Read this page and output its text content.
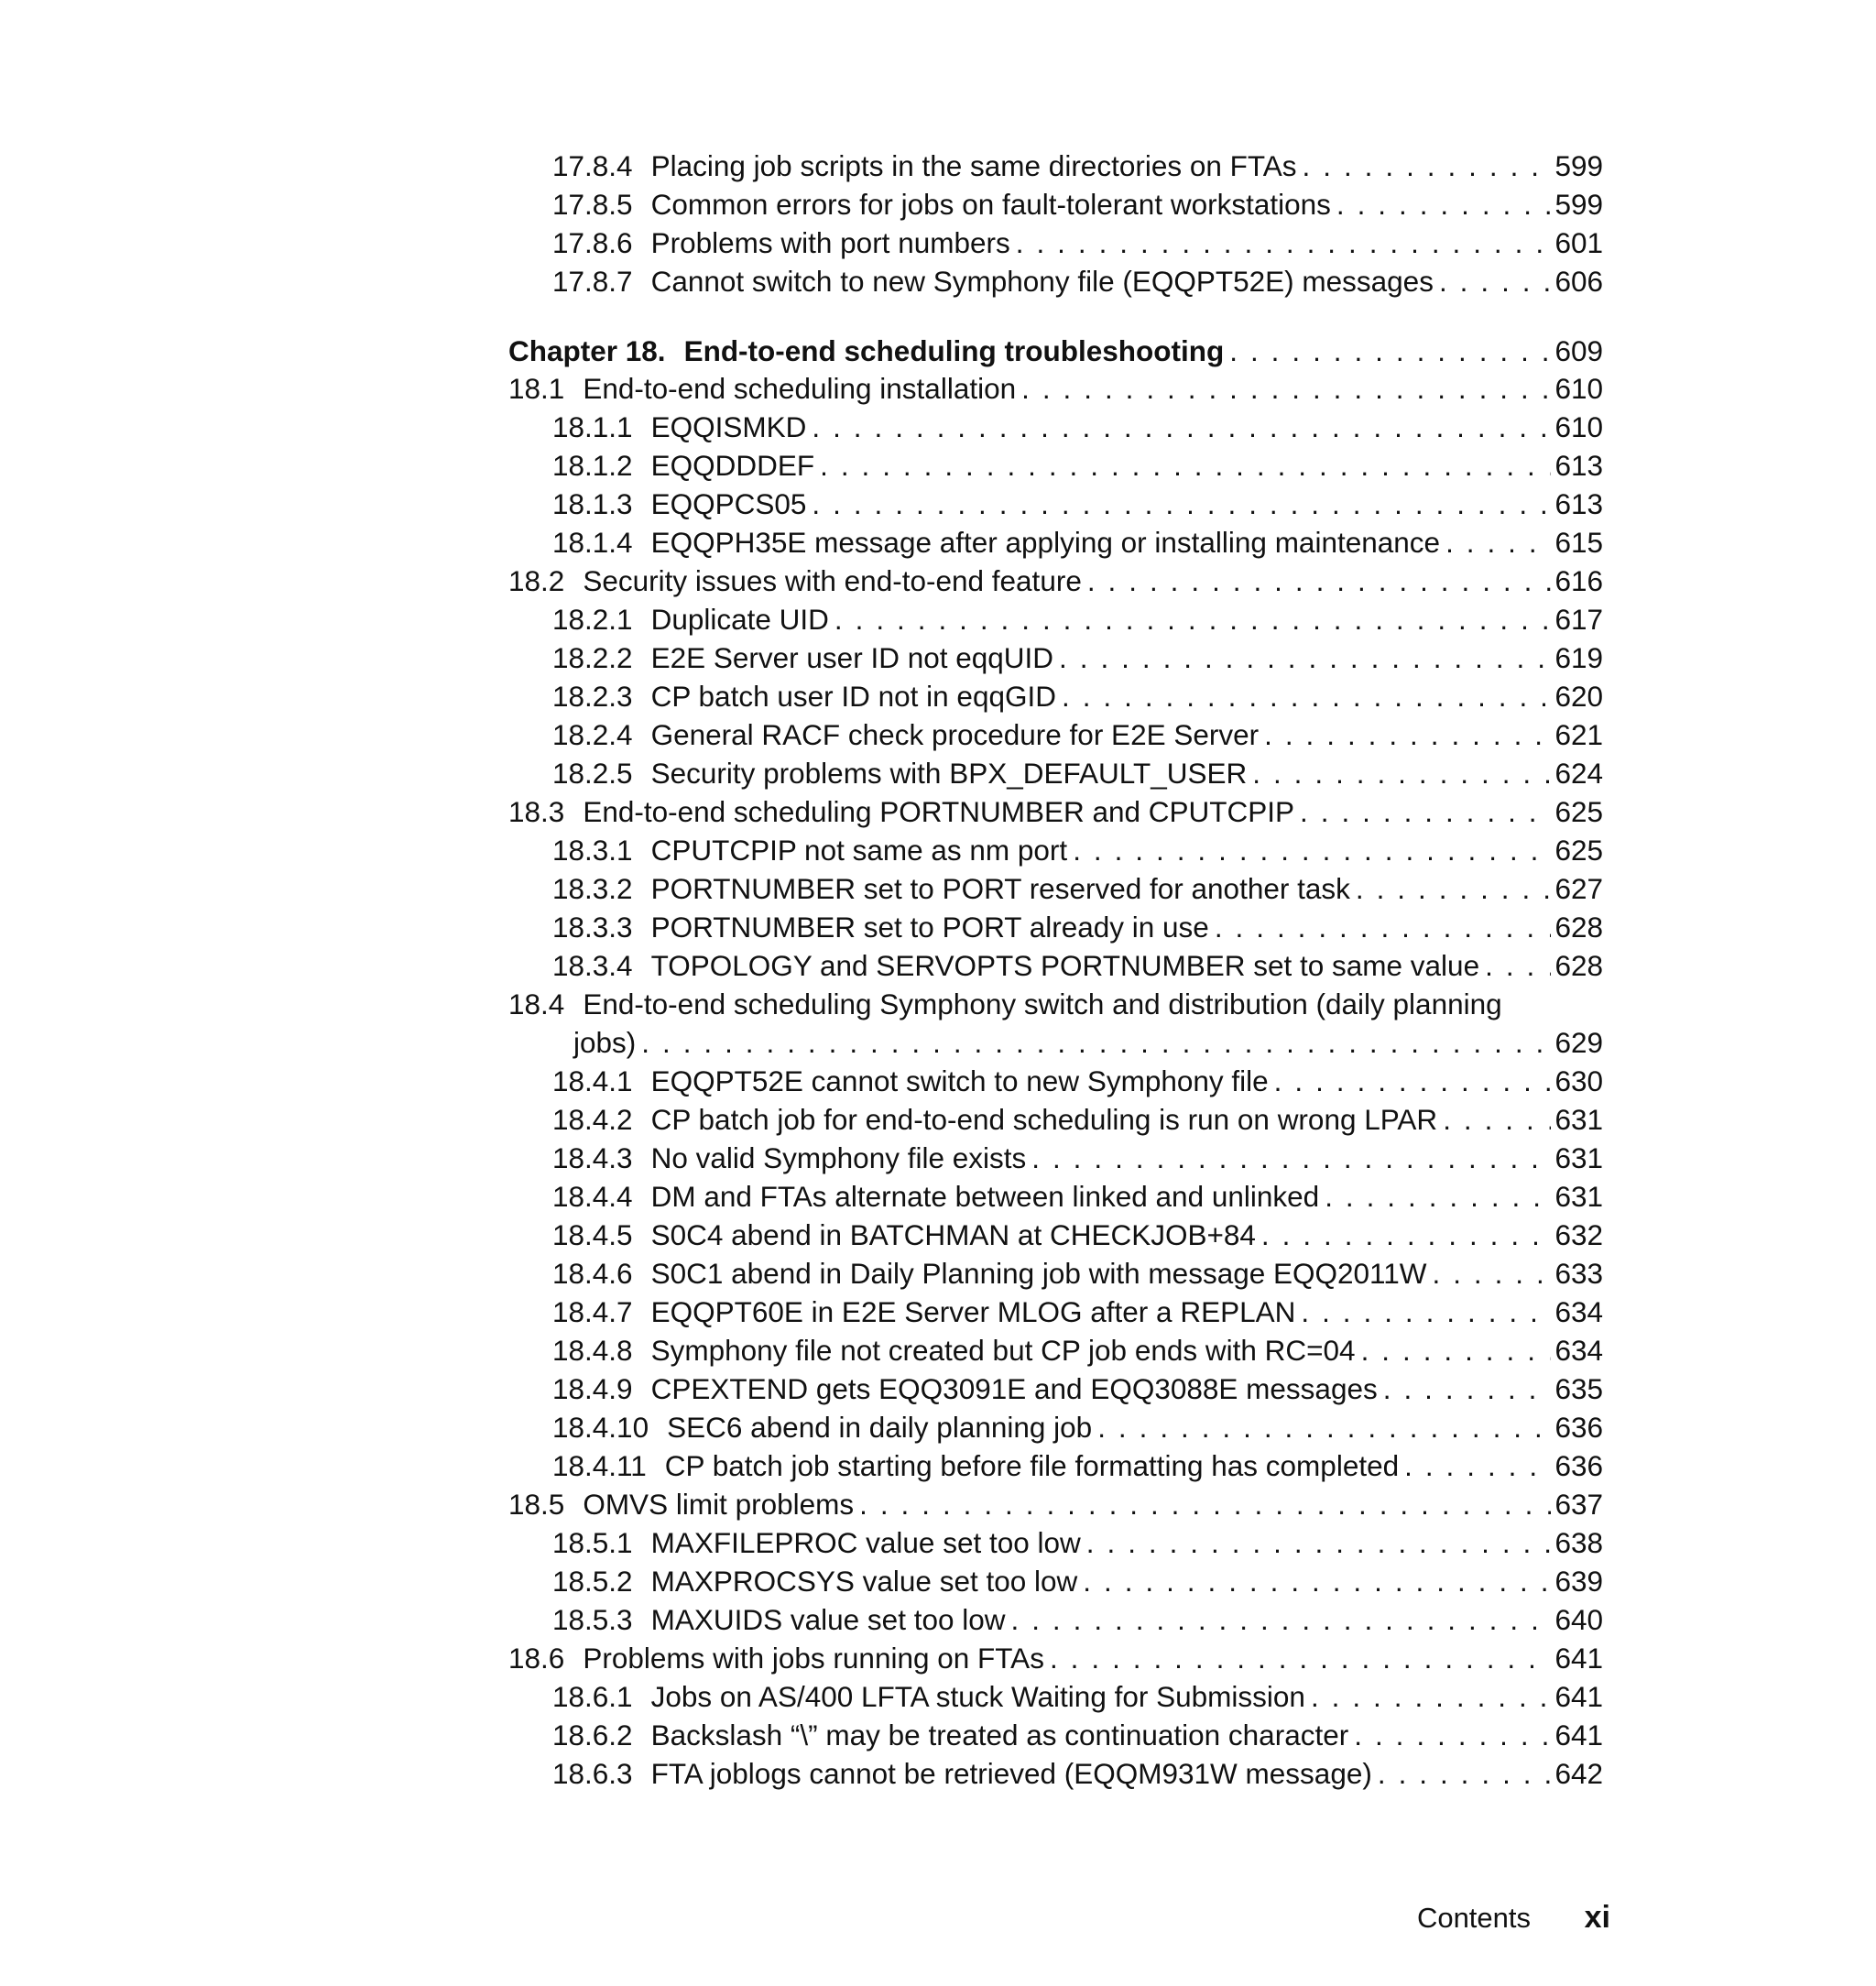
17.8.4 Placing job scripts in the same directories on FTAs . . .	599
17.8.5 Common errors for jobs on fault-tolerant workstations . . .	599
17.8.6 Problems with port numbers . . .	601
17.8.7 Cannot switch to new Symphony file (EQQPT52E) messages . . .	606
Chapter 18. End-to-end scheduling troubleshooting . . .	609
18.1 End-to-end scheduling installation . . .	610
18.1.1 EQQISMKD . . .	610
18.1.2 EQQDDDEF . . .	613
18.1.3 EQQPCS05 . . .	613
18.1.4 EQQPH35E message after applying or installing maintenance . . .	615
18.2 Security issues with end-to-end feature . . .	616
18.2.1 Duplicate UID . . .	617
18.2.2 E2E Server user ID not eqqUID . . .	619
18.2.3 CP batch user ID not in eqqGID . . .	620
18.2.4 General RACF check procedure for E2E Server . . .	621
18.2.5 Security problems with BPX_DEFAULT_USER . . .	624
18.3 End-to-end scheduling PORTNUMBER and CPUTCPIP . . .	625
18.3.1 CPUTCPIP not same as nm port . . .	625
18.3.2 PORTNUMBER set to PORT reserved for another task . . .	627
18.3.3 PORTNUMBER set to PORT already in use . . .	628
18.3.4 TOPOLOGY and SERVOPTS PORTNUMBER set to same value . . .	628
18.4 End-to-end scheduling Symphony switch and distribution (daily planning
jobs) . . .	629
18.4.1 EQQPT52E cannot switch to new Symphony file . . .	630
18.4.2 CP batch job for end-to-end scheduling is run on wrong LPAR . . .	631
18.4.3 No valid Symphony file exists . . .	631
18.4.4 DM and FTAs alternate between linked and unlinked . . .	631
18.4.5 S0C4 abend in BATCHMAN at CHECKJOB+84 . . .	632
18.4.6 S0C1 abend in Daily Planning job with message EQQ2011W . . .	633
18.4.7 EQQPT60E in E2E Server MLOG after a REPLAN . . .	634
18.4.8 Symphony file not created but CP job ends with RC=04 . . .	634
18.4.9 CPEXTEND gets EQQ3091E and EQQ3088E messages . . .	635
18.4.10 SEC6 abend in daily planning job . . .	636
18.4.11 CP batch job starting before file formatting has completed . . .	636
18.5 OMVS limit problems . . .	637
18.5.1 MAXFILEPROC value set too low . . .	638
18.5.2 MAXPROCSYS value set too low . . .	639
18.5.3 MAXUIDS value set too low . . .	640
18.6 Problems with jobs running on FTAs . . .	641
18.6.1 Jobs on AS/400 LFTA stuck Waiting for Submission . . .	641
18.6.2 Backslash “\” may be treated as continuation character . . .	641
18.6.3 FTA joblogs cannot be retrieved (EQQM931W message) . . .	642
Contents xi
